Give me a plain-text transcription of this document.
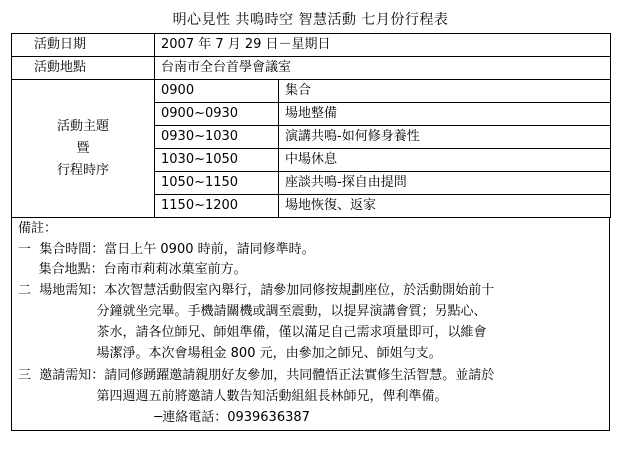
明心見性 共鳴時空 智慧活動 七月份行程表
活動日期	2007 年 7 月 29 日－星期日	
活動地點	台南市全台首學會議室	

活動主題
暨
行程時序	0900	集合
	0900~0930	場地整備
	0930~1030	演講共鳴-如何修身養性
	1030~1050	中場休息
	1050~1150	座談共鳴-探自由提問
	1150~1200	場地恢復、返家
備註：
一  集合時間：當日上午 0900 時前，請同修準時。
集合地點：台南市莉莉冰菓室前方。
二  場地需知：本次智慧活動假室內舉行，請參加同修按規劃座位，於活動開始前十
分鐘就坐完畢。手機請關機或調至震動，以提昇演講會質；另點心、
茶水，請各位師兄、師姐準備，僅以滿足自己需求項量即可，以維會
場潔淨。本次會場租金 800 元，由參加之師兄、師姐勻支。
三  邀請需知：請同修踴躍邀請親朋好友參加，共同體悟正法實修生活智慧。並請於
第四週週五前將邀請人數告知活動組組長林師兄，俾利準備。
─連絡電話：0939636387
